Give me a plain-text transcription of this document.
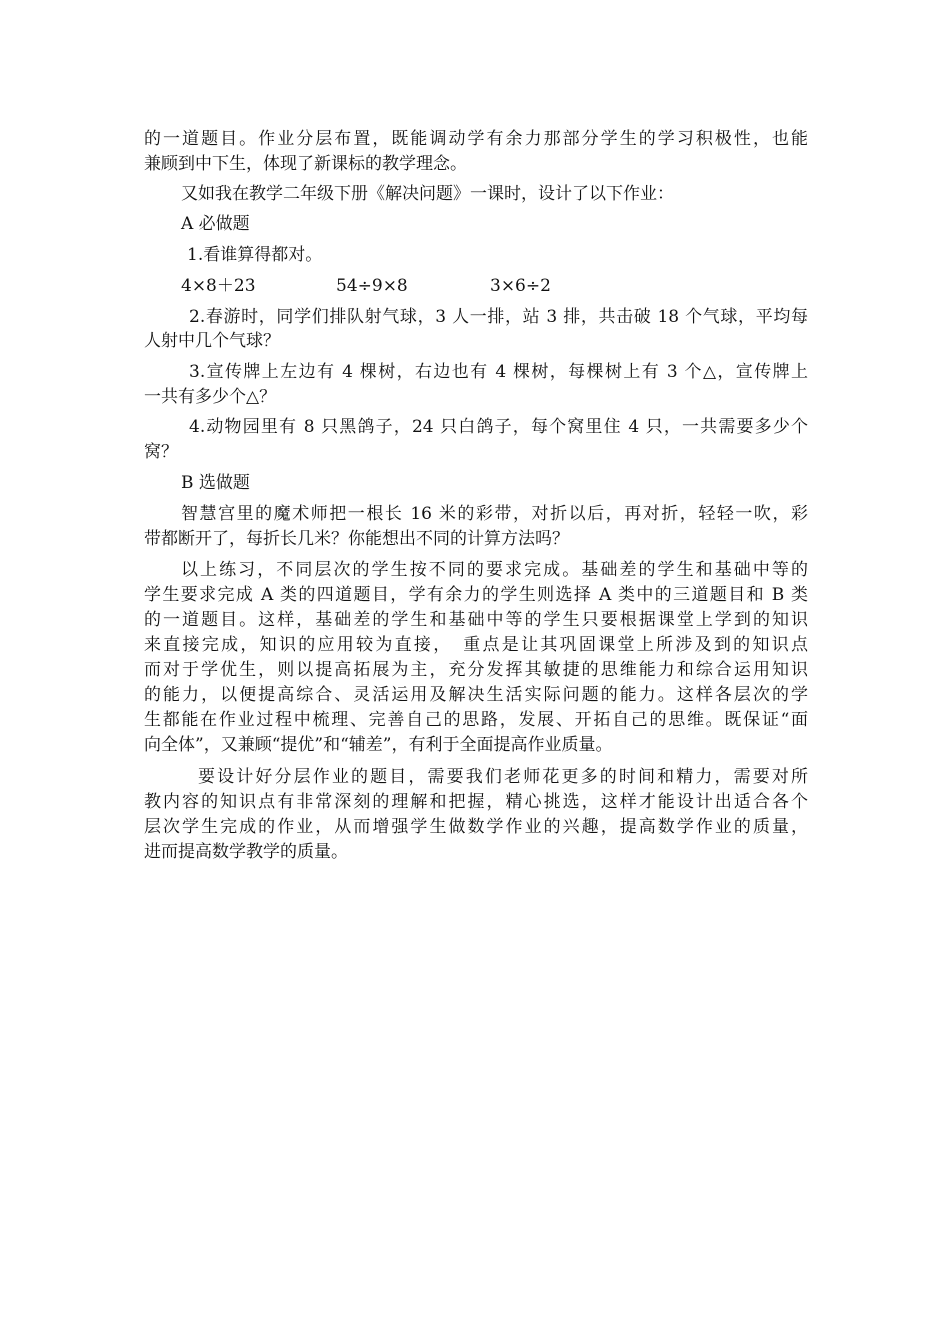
的一道题目。作业分层布置，既能调动学有余力那部分学生的学习积极性，也能

兼顾到中下生，体现了新课标的教学理念。

又如我在教学二年级下册《解决问题》一课时，设计了以下作业：

A 必做题

1.看谁算得都对。

4×8＋23	54÷9×8	3×6÷2

2.春游时，同学们排队射气球，3 人一排，站 3 排，共击破 18 个气球，平均每

人射中几个气球？

3.宣传牌上左边有 4 棵树，右边也有 4 棵树，每棵树上有 3 个△，宣传牌上

一共有多少个△？

4.动物园里有 8 只黑鸽子，24 只白鸽子，每个窝里住 4 只，一共需要多少个

窝？

B 选做题

智慧宫里的魔术师把一根长 16 米的彩带，对折以后，再对折，轻轻一吹，彩

带都断开了，每折长几米？你能想出不同的计算方法吗？

以上练习，不同层次的学生按不同的要求完成。基础差的学生和基础中等的

学生要求完成 A 类的四道题目，学有余力的学生则选择 A 类中的三道题目和 B 类

的一道题目。这样，基础差的学生和基础中等的学生只要根据课堂上学到的知识

来直接完成，知识的应用较为直接，　重点是让其巩固课堂上所涉及到的知识点

而对于学优生，则以提高拓展为主，充分发挥其敏捷的思维能力和综合运用知识

的能力，以便提高综合、灵活运用及解决生活实际问题的能力。这样各层次的学

生都能在作业过程中梳理、完善自己的思路，发展、开拓自己的思维。既保证“面

向全体”，又兼顾“提优”和“辅差”，有利于全面提高作业质量。

要设计好分层作业的题目，需要我们老师花更多的时间和精力，需要对所

教内容的知识点有非常深刻的理解和把握，精心挑选，这样才能设计出适合各个

层次学生完成的作业，从而增强学生做数学作业的兴趣，提高数学作业的质量，

进而提高数学教学的质量。
